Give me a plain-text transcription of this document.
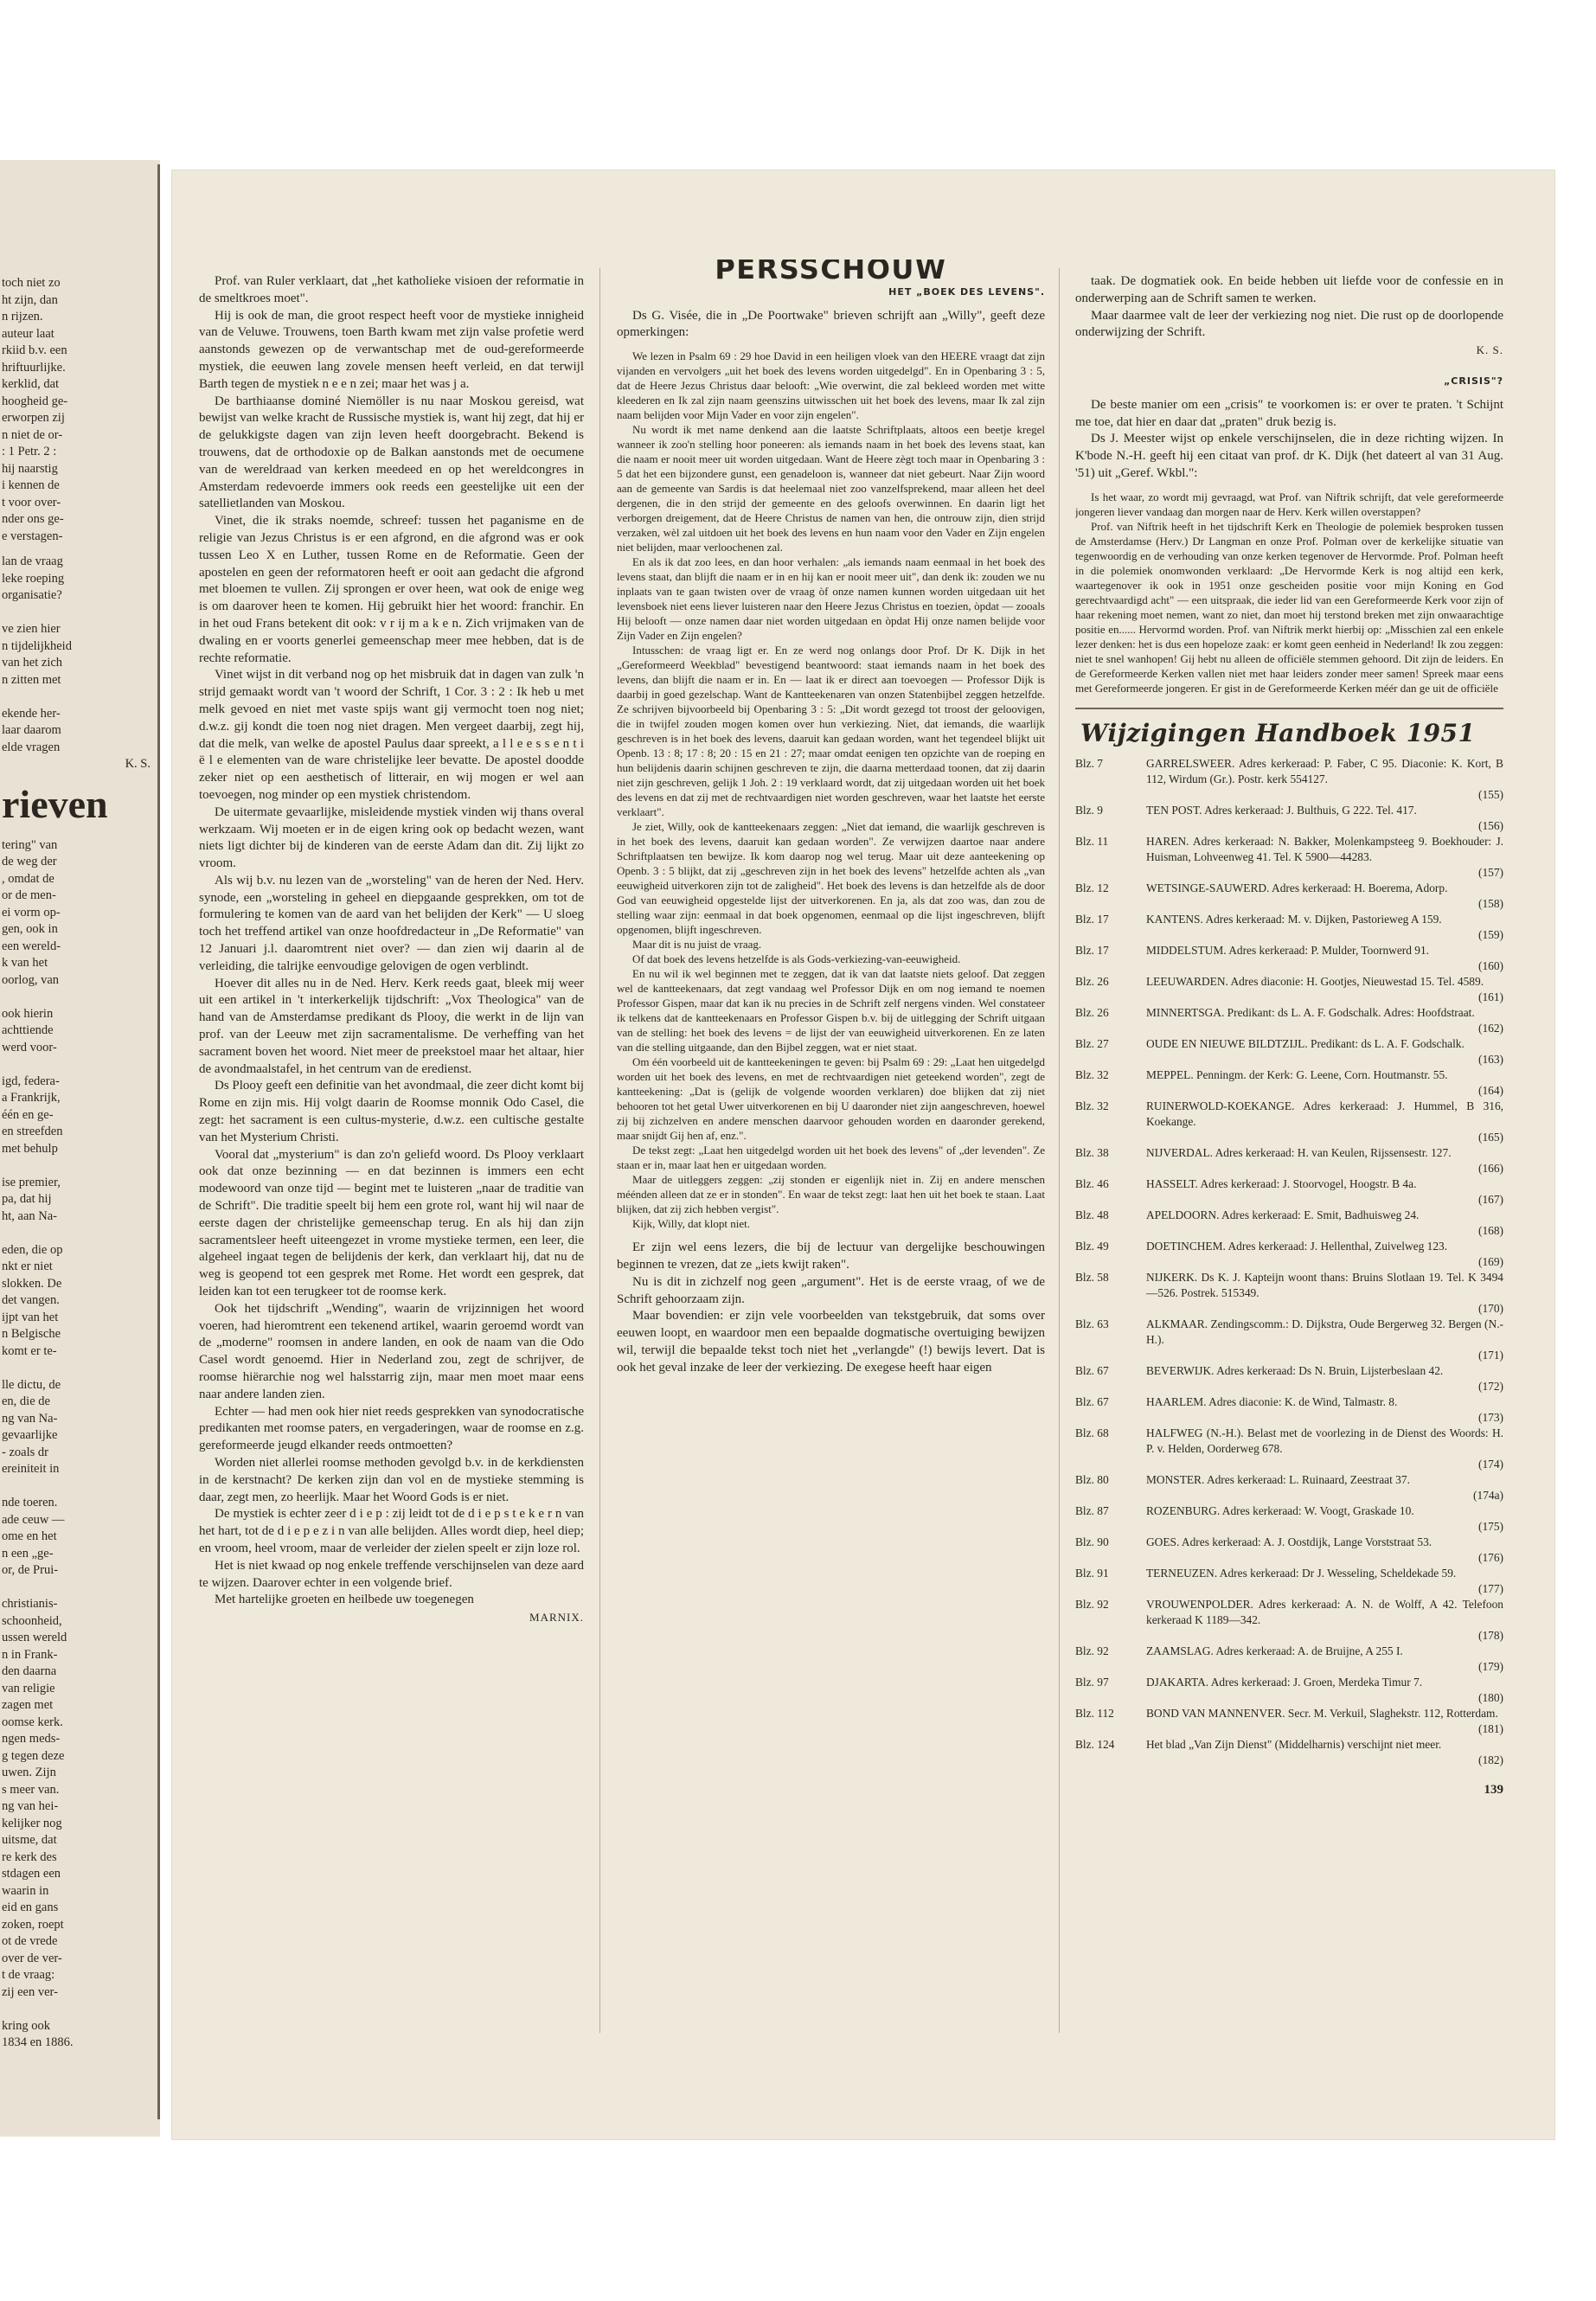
toch niet zo
ht zijn, dan
n rijzen.
auteur laat
rkiid b.v. een
hriftuurlijke.
kerklid, dat
hoogheid ge-
erworpen zij
n niet de or-
: 1 Petr. 2 :
hij naarstig
i kennen de
t voor over-
nder ons ge-
e verstagen-

lan de vraag
leke roeping
organisatie?

ve zien hier
n tijdelijkheid
van het zich
n zitten met

ekende her-
laar daarom
elde vragen

K. S.

rieven

tering" van
de weg der
, omdat de
or de men-
ei vorm op-
gen, ook in
een wereld-
k van het
oorlog, van

ook hierin
achttiende
werd voor-

igd, federa-
a Frankrijk,
één en ge-
en streefden
met behulp

ise premier,
pa, dat hij
ht, aan Na-

eden, die op
nkt er niet
slokken. De
det vangen.
ijpt van het
n Belgische
komt er te-

lle dictu, de
en, die de
ng van Na-
gevaarlijke
- zoals dr
ereiniteit in

nde toeren.
ade ceuw —
ome en het
n een „ge-
or, de Prui-

christianis-
schoonheid,
ussen wereld
n in Frank-
den daarna
van religie
zagen met
oomse kerk.
ngen meds-
g tegen deze
uwen. Zijn
s meer van.
ng van hei-
kelijker nog
uitsme, dat
re kerk des
stdagen een
waarin in
eid en gans
zoken, roept
ot de vrede
over de ver-
t de vraag:
zij een ver-

kring ook
1834 en 1886.

Prof. van Ruler verklaart, dat „het katholieke visioen der reformatie in de smeltkroes moet".

Hij is ook de man, die groot respect heeft voor de mystieke innigheid van de Veluwe. Trouwens, toen Barth kwam met zijn valse profetie werd aanstonds gewezen op de verwantschap met de oud-gereformeerde mystiek, die eeuwen lang zovele mensen heeft verleid, en dat terwijl Barth tegen de mystiek n e e n zei; maar het was j a.

De barthiaanse dominé Niemöller is nu naar Moskou gereisd, wat bewijst van welke kracht de Russische mystiek is, want hij zegt, dat hij er de gelukkigste dagen van zijn leven heeft doorgebracht. Bekend is trouwens, dat de orthodoxie op de Balkan aanstonds met de oecumene van de wereldraad van kerken meedeed en op het wereldcongres in Amsterdam redevoerde immers ook reeds een geestelijke uit een der satellietlanden van Moskou.

Vinet, die ik straks noemde, schreef: tussen het paganisme en de religie van Jezus Christus is er een afgrond, en die afgrond was er ook tussen Leo X en Luther, tussen Rome en de Reformatie. Geen der apostelen en geen der reformatoren heeft er ooit aan gedacht die afgrond met bloemen te vullen. Zij sprongen er over heen, wat ook de enige weg is om daarover heen te komen. Hij gebruikt hier het woord: franchir. En in het oud Frans betekent dit ook: v r ij m a k e n. Zich vrijmaken van de dwaling en er voorts generlei gemeenschap meer mee hebben, dat is de rechte reformatie.

Vinet wijst in dit verband nog op het misbruik dat in dagen van zulk 'n strijd gemaakt wordt van 't woord der Schrift, 1 Cor. 3 : 2 : Ik heb u met melk gevoed en niet met vaste spijs want gij vermocht toen nog niet; d.w.z. gij kondt die toen nog niet dragen. Men vergeet daarbij, zegt hij, dat die melk, van welke de apostel Paulus daar spreekt, a l l e e s s e n t i ë l e elementen van de ware christelijke leer bevatte. De apostel doodde zeker niet op een aesthetisch of litterair, en wij mogen er wel aan toevoegen, nog minder op een mystiek christendom.

De uitermate gevaarlijke, misleidende mystiek vinden wij thans overal werkzaam. Wij moeten er in de eigen kring ook op bedacht wezen, want niets ligt dichter bij de kinderen van de eerste Adam dan dit. Zij lijkt zo vroom.

Als wij b.v. nu lezen van de „worsteling" van de heren der Ned. Herv. synode, een „worsteling in geheel en diepgaande gesprekken, om tot de formulering te komen van de aard van het belijden der Kerk" — U sloeg toch het treffend artikel van onze hoofdredacteur in „De Reformatie" van 12 Januari j.l. daaromtrent niet over? — dan zien wij daarin al de verleiding, die talrijke eenvoudige gelovigen de ogen verblindt.

Hoever dit alles nu in de Ned. Herv. Kerk reeds gaat, bleek mij weer uit een artikel in 't interkerkelijk tijdschrift: „Vox Theologica" van de hand van de Amsterdamse predikant ds Plooy, die werkt in de lijn van prof. van der Leeuw met zijn sacramentalisme. De verheffing van het sacrament boven het woord. Niet meer de preekstoel maar het altaar, hier de avondmaalstafel, in het centrum van de eredienst.

Ds Plooy geeft een definitie van het avondmaal, die zeer dicht komt bij Rome en zijn mis. Hij volgt daarin de Roomse monnik Odo Casel, die zegt: het sacrament is een cultus-mysterie, d.w.z. een cultische gestalte van het Mysterium Christi.

Vooral dat „mysterium" is dan zo'n geliefd woord. Ds Plooy verklaart ook dat onze bezinning — en dat bezinnen is immers een echt modewoord van onze tijd — begint met te luisteren „naar de traditie van de Schrift". Die traditie speelt bij hem een grote rol, want hij wil naar de eerste dagen der christelijke gemeenschap terug. En als hij dan zijn sacramentsleer heeft uiteengezet in vrome mystieke termen, een leer, die algeheel ingaat tegen de belijdenis der kerk, dan verklaart hij, dat nu de weg is geopend tot een gesprek met Rome. Het wordt een gesprek, dat leiden kan tot een terugkeer tot de roomse kerk.

Ook het tijdschrift „Wending", waarin de vrijzinnigen het woord voeren, had hieromtrent een tekenend artikel, waarin geroemd wordt van de „moderne" roomsen in andere landen, en ook de naam van die Odo Casel wordt genoemd. Hier in Nederland zou, zegt de schrijver, de roomse hiërarchie nog wel halsstarrig zijn, maar men moet maar eens naar andere landen zien.

Echter — had men ook hier niet reeds gesprekken van synodocratische predikanten met roomse paters, en vergaderingen, waar de roomse en z.g. gereformeerde jeugd elkander reeds ontmoetten?

Worden niet allerlei roomse methoden gevolgd b.v. in de kerkdiensten in de kerstnacht? De kerken zijn dan vol en de mystieke stemming is daar, zegt men, zo heerlijk. Maar het Woord Gods is er niet.

De mystiek is echter zeer d i e p : zij leidt tot de d i e p s t e k e r n van het hart, tot de d i e p e z i n van alle belijden. Alles wordt diep, heel diep; en vroom, heel vroom, maar de verleider der zielen speelt er zijn loze rol.

Het is niet kwaad op nog enkele treffende verschijnselen van deze aard te wijzen. Daarover echter in een volgende brief.

Met hartelijke groeten en heilbede uw toegenegen

MARNIX.

PERSSCHOUW
HET „BOEK DES LEVENS".

Ds G. Visée, die in „De Poortwake" brieven schrijft aan „Willy", geeft deze opmerkingen:

We lezen in Psalm 69 : 29 hoe David in een heiligen vloek van den HEERE vraagt dat zijn vijanden en vervolgers „uit het boek des levens worden uitgedelgd". En in Openbaring 3 : 5, dat de Heere Jezus Christus daar belooft: „Wie overwint, die zal bekleed worden met witte kleederen en Ik zal zijn naam geenszins uitwisschen uit het boek des levens, maar Ik zal zijn naam belijden voor Mijn Vader en voor zijn engelen".

Nu wordt ik met name denkend aan die laatste Schriftplaats, altoos een beetje kregel wanneer ik zoo'n stelling hoor poneeren: als iemands naam in het boek des levens staat, kan die naam er nooit meer uit worden uitgedaan. Want de Heere zègt toch maar in Openbaring 3 : 5 dat het een bijzondere gunst, een genadeloon is, wanneer dat niet gebeurt. Naar Zijn woord aan de gemeente van Sardis is dat heelemaal niet zoo vanzelfsprekend, maar alleen het deel dergenen, die in den strijd der gemeente en des geloofs overwinnen. En daarin ligt het verborgen dreigement, dat de Heere Christus de namen van hen, die ontrouw zijn, dien strijd verzaken, wèl zal uitdoen uit het boek des levens en hun naam voor den Vader en Zijn engelen niet belijden, maar verloochenen zal.

En als ik dat zoo lees, en dan hoor verhalen: „als iemands naam eenmaal in het boek des levens staat, dan blijft die naam er in en hij kan er nooit meer uit", dan denk ik: zouden we nu inplaats van te gaan twisten over de vraag òf onze namen kunnen worden uitgedaan uit het levensboek niet eens liever luisteren naar den Heere Jezus Christus en toezien, òpdat — zooals Hij belooft — onze namen daar niet worden uitgedaan en òpdat Hij onze namen belijde voor Zijn Vader en Zijn engelen?

Intusschen: de vraag ligt er. En ze werd nog onlangs door Prof. Dr K. Dijk in het „Gereformeerd Weekblad" bevestigend beantwoord: staat iemands naam in het boek des levens, dan blijft die naam er in. En — laat ik er direct aan toevoegen — Professor Dijk is daarbij in goed gezelschap. Want de Kantteekenaren van onzen Statenbijbel zeggen hetzelfde. Ze schrijven bijvoorbeeld bij Openbaring 3 : 5: „Dit wordt gezegd tot troost der geloovigen, die in twijfel zouden mogen komen over hun verkiezing. Niet, dat iemands, die waarlijk geschreven is in het boek des levens, daaruit kan gedaan worden, want het tegendeel blijkt uit Openb. 13 : 8; 17 : 8; 20 : 15 en 21 : 27; maar omdat eenigen ten opzichte van de roeping en hun belijdenis daarin schijnen geschreven te zijn, die daarna metterdaad toonen, dat zij daarin niet zijn geschreven, gelijk 1 Joh. 2 : 19 verklaard wordt, dat zij uitgedaan worden uit het boek des levens en dat zij met de rechtvaardigen niet worden geschreven, waar het laatste het eerste verklaart".

Je ziet, Willy, ook de kantteekenaars zeggen: „Niet dat iemand, die waarlijk geschreven is in het boek des levens, daaruit kan gedaan worden". Ze verwijzen daartoe naar andere Schriftplaatsen ten bewijze. Ik kom daarop nog wel terug. Maar uit deze aanteekening op Openb. 3 : 5 blijkt, dat zij „geschreven zijn in het boek des levens" hetzelfde achten als „van eeuwigheid uitverkoren zijn tot de zaligheid". Het boek des levens is dan hetzelfde als de door God van eeuwigheid opgestelde lijst der uitverkorenen. En ja, als dat zoo was, dan zou de stelling waar zijn: eenmaal in dat boek opgenomen, eenmaal op die lijst ingeschreven, blijft opgenomen, blijft ingeschreven.

Maar dit is nu juist de vraag.

Of dat boek des levens hetzelfde is als Gods-verkiezing-van-eeuwigheid.

En nu wil ik wel beginnen met te zeggen, dat ik van dat laatste niets geloof. Dat zeggen wel de kantteekenaars, dat zegt vandaag wel Professor Dijk en om nog iemand te noemen Professor Gispen, maar dat kan ik nu precies in de Schrift zelf nergens vinden. Wel constateer ik telkens dat de kantteekenaars en Professor Gispen b.v. bij de uitlegging der Schrift uitgaan van de stelling: het boek des levens = de lijst der van eeuwigheid uitverkorenen. En ze laten van die stelling uitgaande, dan den Bijbel zeggen, wat er niet staat.

Om één voorbeeld uit de kantteekeningen te geven: bij Psalm 69 : 29: „Laat hen uitgedelgd worden uit het boek des levens, en met de rechtvaardigen niet geteekend worden", zegt de kantteekening: „Dat is (gelijk de volgende woorden verklaren) doe blijken dat zij niet behooren tot het getal Uwer uitverkorenen en bij U daaronder niet zijn aangeschreven, hoewel zij bij zichzelven en andere menschen daarvoor gehouden worden en daaronder gerekend, maar snijdt Gij hen af, enz.".

De tekst zegt: „Laat hen uitgedelgd worden uit het boek des levens" of „der levenden". Ze staan er in, maar laat hen er uitgedaan worden.

Maar de uitleggers zeggen: „zij stonden er eigenlijk niet in. Zij en andere menschen méénden alleen dat ze er in stonden". En waar de tekst zegt: laat hen uit het boek te staan. Laat blijken, dat zij zich hebben vergist".

Kijk, Willy, dat klopt niet.

Er zijn wel eens lezers, die bij de lectuur van dergelijke beschouwingen beginnen te vrezen, dat ze „iets kwijt raken".

Nu is dit in zichzelf nog geen „argument". Het is de eerste vraag, of we de Schrift gehoorzaam zijn.

Maar bovendien: er zijn vele voorbeelden van tekstgebruik, dat soms over eeuwen loopt, en waardoor men een bepaalde dogmatische overtuiging bewijzen wil, terwijl die bepaalde tekst toch niet het „verlangde" (!) bewijs levert. Dat is ook het geval inzake de leer der verkiezing. De exegese heeft haar eigen

taak. De dogmatiek ook. En beide hebben uit liefde voor de confessie en in onderwerping aan de Schrift samen te werken.

Maar daarmee valt de leer der verkiezing nog niet. Die rust op de doorlopende onderwijzing der Schrift.

K. S.

„CRISIS"?

De beste manier om een „crisis" te voorkomen is: er over te praten. 't Schijnt me toe, dat hier en daar dat „praten" druk bezig is.

Ds J. Meester wijst op enkele verschijnselen, die in deze richting wijzen. In K'bode N.-H. geeft hij een citaat van prof. dr K. Dijk (het dateert al van 31 Aug. '51) uit „Geref. Wkbl.":

Is het waar, zo wordt mij gevraagd, wat Prof. van Niftrik schrijft, dat vele gereformeerde jongeren liever vandaag dan morgen naar de Herv. Kerk willen overstappen?

Prof. van Niftrik heeft in het tijdschrift Kerk en Theologie de polemiek besproken tussen de Amsterdamse (Herv.) Dr Langman en onze Prof. Polman over de kerkelijke situatie van tegenwoordig en de verhouding van onze kerken tegenover de Hervormde. Prof. Polman heeft in die polemiek onomwonden verklaard: „De Hervormde Kerk is nog altijd een kerk, waartegenover ik ook in 1951 onze gescheiden positie voor mijn Koning en God gerechtvaardigd acht" — een uitspraak, die ieder lid van een Gereformeerde Kerk voor zijn of haar rekening moet nemen, want zo niet, dan moet hij terstond breken met zijn onwaarachtige positie en...... Hervormd worden. Prof. van Niftrik merkt hierbij op: „Misschien zal een enkele lezer denken: het is dus een hopeloze zaak: er komt geen eenheid in Nederland! Ik zou zeggen: niet te snel wanhopen! Gij hebt nu alleen de officiële stemmen gehoord. Dit zijn de leiders. En de Gereformeerde Kerken vallen niet met haar leiders zonder meer samen! Spreek maar eens met Gereformeerde jongeren. Er gist in de Gereformeerde Kerken méér dan ge uit de officiële

Wijzigingen Handboek 1951
Blz. 7	GARRELSWEER. Adres kerkeraad: P. Faber, C 95. Diaconie: K. Kort, B 112, Wirdum (Gr.). Postr. kerk 554127.
(155)
Blz. 9	TEN POST. Adres kerkeraad: J. Bulthuis, G 222. Tel. 417.
(156)
Blz. 11	HAREN. Adres kerkeraad: N. Bakker, Molenkampsteeg 9. Boekhouder: J. Huisman, Lohveenweg 41. Tel. K 5900—44283.
(157)
Blz. 12	WETSINGE-SAUWERD. Adres kerkeraad: H. Boerema, Adorp.
(158)
Blz. 17	KANTENS. Adres kerkeraad: M. v. Dijken, Pastorieweg A 159.
(159)
Blz. 17	MIDDELSTUM. Adres kerkeraad: P. Mulder, Toornwerd 91.
(160)
Blz. 26	LEEUWARDEN. Adres diaconie: H. Gootjes, Nieuwestad 15. Tel. 4589.
(161)
Blz. 26	MINNERTSGA. Predikant: ds L. A. F. Godschalk. Adres: Hoofdstraat.
(162)
Blz. 27	OUDE EN NIEUWE BILDTZIJL. Predikant: ds L. A. F. Godschalk.
(163)
Blz. 32	MEPPEL. Penningm. der Kerk: G. Leene, Corn. Houtmanstr. 55.
(164)
Blz. 32	RUINERWOLD-KOEKANGE. Adres kerkeraad: J. Hummel, B 316, Koekange.
(165)
Blz. 38	NIJVERDAL. Adres kerkeraad: H. van Keulen, Rijssensestr. 127.
(166)
Blz. 46	HASSELT. Adres kerkeraad: J. Stoorvogel, Hoogstr. B 4a.
(167)
Blz. 48	APELDOORN. Adres kerkeraad: E. Smit, Badhuisweg 24.
(168)
Blz. 49	DOETINCHEM. Adres kerkeraad: J. Hellenthal, Zuivelweg 123.
(169)
Blz. 58	NIJKERK. Ds K. J. Kapteijn woont thans: Bruins Slotlaan 19. Tel. K 3494—526. Postrek. 515349.
(170)
Blz. 63	ALKMAAR. Zendingscomm.: D. Dijkstra, Oude Bergerweg 32. Bergen (N.-H.).
(171)
Blz. 67	BEVERWIJK. Adres kerkeraad: Ds N. Bruin, Lijsterbeslaan 42.
(172)
Blz. 67	HAARLEM. Adres diaconie: K. de Wind, Talmastr. 8.
(173)
Blz. 68	HALFWEG (N.-H.). Belast met de voorlezing in de Dienst des Woords: H. P. v. Helden, Oorderweg 678.
(174)
Blz. 80	MONSTER. Adres kerkeraad: L. Ruinaard, Zeestraat 37.
(174a)
Blz. 87	ROZENBURG. Adres kerkeraad: W. Voogt, Graskade 10.
(175)
Blz. 90	GOES. Adres kerkeraad: A. J. Oostdijk, Lange Vorststraat 53.
(176)
Blz. 91	TERNEUZEN. Adres kerkeraad: Dr J. Wesseling, Scheldekade 59.
(177)
Blz. 92	VROUWENPOLDER. Adres kerkeraad: A. N. de Wolff, A 42. Telefoon kerkeraad K 1189—342.
(178)
Blz. 92	ZAAMSLAG. Adres kerkeraad: A. de Bruijne, A 255 I.
(179)
Blz. 97	DJAKARTA. Adres kerkeraad: J. Groen, Merdeka Timur 7.
(180)
Blz. 112	BOND VAN MANNENVER. Secr. M. Verkuil, Slaghekstr. 112, Rotterdam.
(181)
Blz. 124	Het blad „Van Zijn Dienst" (Middelharnis) verschijnt niet meer.
(182)
139
